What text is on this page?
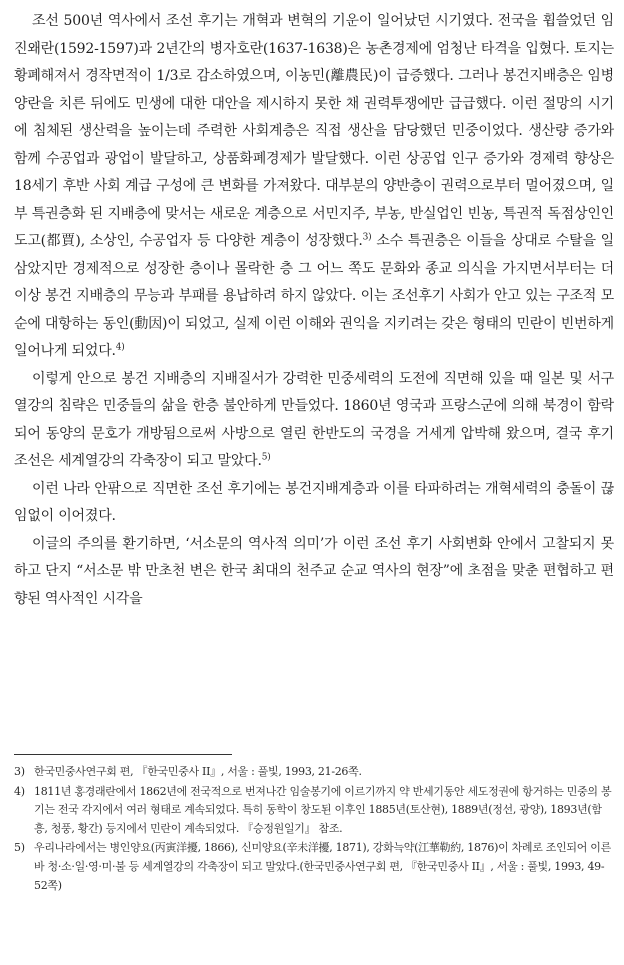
조선 500년 역사에서 조선 후기는 개혁과 변혁의 기운이 일어났던 시기였다. 전국을 휩쓸었던 임진왜란(1592-1597)과 2년간의 병자호란(1637-1638)은 농촌경제에 엄청난 타격을 입혔다. 토지는 황폐해져서 경작면적이 1/3로 감소하였으며, 이농민(離農民)이 급증했다. 그러나 봉건지배층은 임병양란을 치른 뒤에도 민생에 대한 대안을 제시하지 못한 채 권력투쟁에만 급급했다. 이런 절망의 시기에 침체된 생산력을 높이는데 주력한 사회계층은 직접 생산을 담당했던 민중이었다. 생산량 증가와 함께 수공업과 광업이 발달하고, 상품화폐경제가 발달했다. 이런 상공업 인구 증가와 경제력 향상은 18세기 후반 사회 계급 구성에 큰 변화를 가져왔다. 대부분의 양반층이 권력으로부터 멀어졌으며, 일부 특권층화 된 지배층에 맞서는 새로운 계층으로 서민지주, 부농, 반실업인 빈농, 특권적 독점상인인 도고(都賈), 소상인, 수공업자 등 다양한 계층이 성장했다.$^{3)}$ 소수 특권층은 이들을 상대로 수탈을 일삼았지만 경제적으로 성장한 층이나 몰락한 층 그 어느 쪽도 문화와 종교 의식을 가지면서부터는 더 이상 봉건 지배층의 무능과 부패를 용납하려 하지 않았다. 이는 조선후기 사회가 안고 있는 구조적 모순에 대항하는 동인(動因)이 되었고, 실제 이런 이해와 권익을 지키려는 갖은 형태의 민란이 빈번하게 일어나게 되었다.$^{4)}$

이렇게 안으로 봉건 지배층의 지배질서가 강력한 민중세력의 도전에 직면해 있을 때 일본 및 서구 열강의 침략은 민중들의 삶을 한층 불안하게 만들었다. 1860년 영국과 프랑스군에 의해 북경이 함락되어 동양의 문호가 개방됨으로써 사방으로 열린 한반도의 국경을 거세게 압박해 왔으며, 결국 후기 조선은 세계열강의 각축장이 되고 말았다.$^{5)}$

이런 나라 안팎으로 직면한 조선 후기에는 봉건지배계층과 이를 타파하려는 개혁세력의 충돌이 끊임없이 이어졌다.

이글의 주의를 환기하면, ‘서소문의 역사적 의미’가 이런 조선 후기 사회변화 안에서 고찰되지 못하고 단지 “서소문 밖 만초천 변은 한국 최대의 천주교 순교 역사의 현장”에 초점을 맞춘 편협하고 편향된 역사적인 시각을

3) 한국민중사연구회 편, 『한국민중사 II』, 서울 : 풀빛, 1993, 21-26쪽.
4) 1811년 홍경래란에서 1862년에 전국적으로 번져나간 임술봉기에 이르기까지 약 반세기동안 세도정권에 항거하는 민중의 봉기는 전국 각지에서 여러 형태로 계속되었다. 특히 동학이 창도된 이후인 1885년(토산현), 1889년(정선, 광양), 1893년(함흥, 청풍, 황간) 등지에서 민란이 계속되었다. 『승정원일기』 참조.
5) 우리나라에서는 병인양요(丙寅洋擾, 1866), 신미양요(辛未洋擾, 1871), 강화늑약(江華勒約, 1876)이 차례로 조인되어 이른바 청·소·일·영·미·불 등 세계열강의 각축장이 되고 말았다.(한국민중사연구회 편, 『한국민중사 II』, 서울 : 풀빛, 1993, 49-52쪽)
